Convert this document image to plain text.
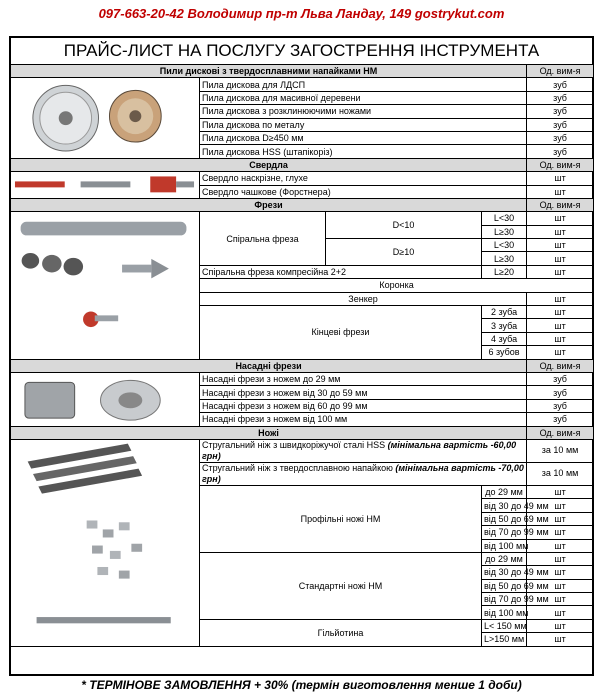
097-663-20-42 Володимир пр-т Льва Ландау, 149 gostrykut.com
ПРАЙС-ЛИСТ НА ПОСЛУГУ ЗАГОСТРЕННЯ ІНСТРУМЕНТА
Пили дискові з твердосплавними напайками НМ				Од. вим-я	

	Пила дискова для ЛДСП			зуб	
	Пила дискова для масивної деревени			зуб	
	Пила дискова з розклинюючими ножами			зуб	
	Пила дискова по металу			зуб	
	Пила дискова D≥450 мм			зуб	
	Пила дискова HSS (штапікоріз)			зуб	
Свердла				Од. вим-я	

	Свердло наскрізне, глухе			шт	
	Свердло чашкове (Форстнера)			шт	
Фрези				Од. вим-я	

	Спіральна фреза	D<10	L<30	шт	
			L≥30	шт	
		D≥10	L<30	шт	
			L≥30	шт	
	Спіральна фреза компресійна 2+2		L≥20	шт	
	Коронка	
	Зенкер			шт	
	Кінцеві фрези		2 зуба	шт	
			3 зуба	шт	
			4 зуба	шт	
			6 зубов	шт	
Насадні фрези				Од. вим-я	

	Насадні фрези з ножем до 29 мм			зуб	
	Насадні фрези з ножем від 30 до 59 мм			зуб	
	Насадні фрези з ножем від 60 до 99 мм			зуб	
	Насадні фрези з ножем від 100 мм			зуб	
Ножі				Од. вим-я	

	Стругальний ніж з швидкоріжучої сталі HSS (мінімальна вартість -60,00 грн)			за 10 мм	
	Стругальний ніж з твердосплавною напайкою (мінімальна вартість -70,00 грн)			за 10 мм	
	Профільні ножі НМ		до 29 мм	шт	
			від 30 до 49 мм	шт	
			від 50 до 69 мм	шт	
			від 70 до 99 мм	шт	
			від 100 мм	шт	
	Стандартні ножі НМ		до 29 мм	шт	
			від 30 до 49 мм	шт	
			від 50 до 69 мм	шт	
			від 70 до 99 мм	шт	
			від 100 мм	шт	
	Гільйотина		L< 150 мм	шт	
			L>150 мм	шт	
* ТЕРМІНОВЕ ЗАМОВЛЕННЯ + 30% (термін виготовлення менше 1 доби)
